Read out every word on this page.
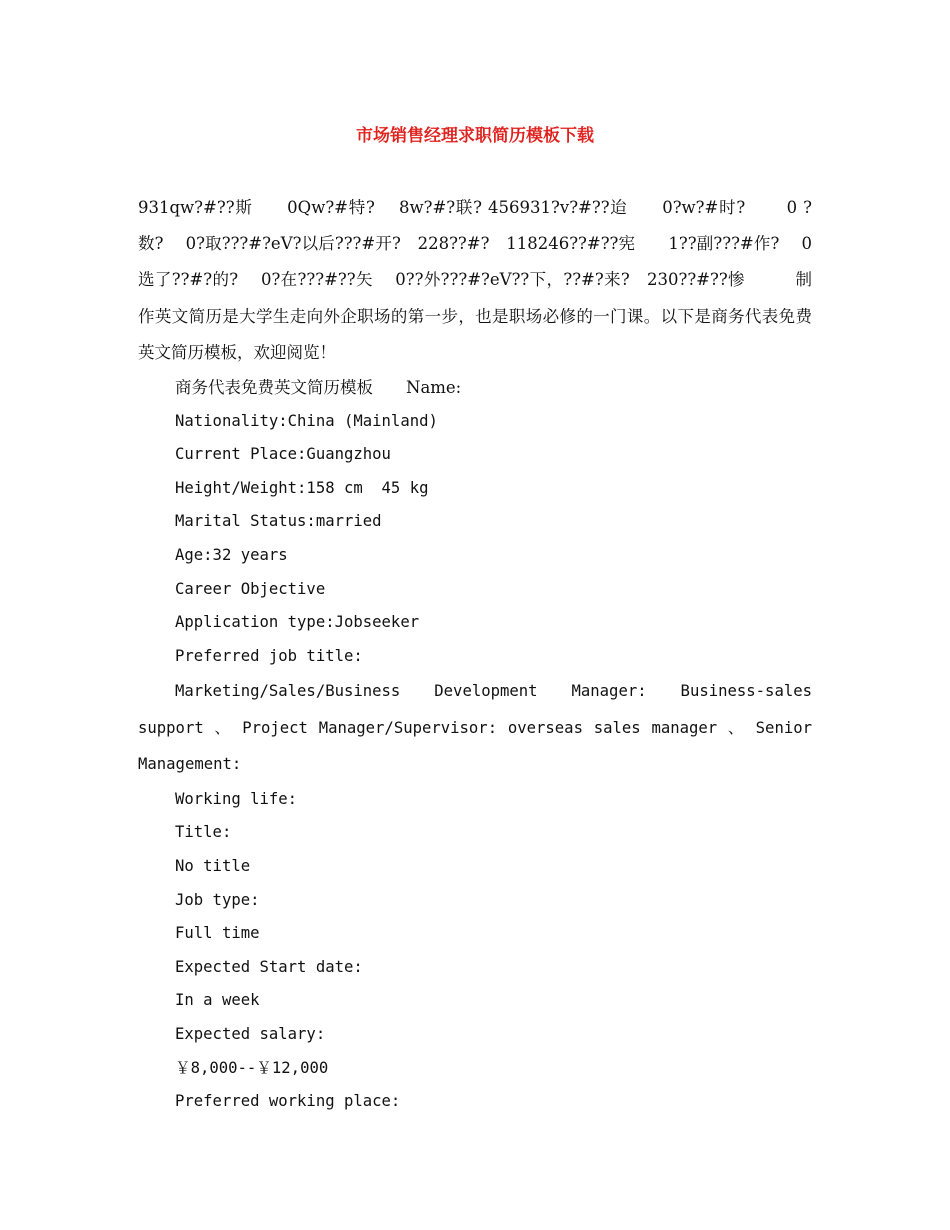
市场销售经理求职简历模板下载

931qw?#??斯　　0Qw?#特?　 8w?#?联? 456931?v?#??迨　　0?w?#时?　 　0 ?数?　 0?取???#?eV?以后???#开?　228??#?　118246??#??宪　　1??副???#作?　 0选了??#?的?　 0?在???#??矢　 0??外???#?eV??下，??#?来?　230??#??惨　　　制作英文简历是大学生走向外企职场的第一步，也是职场必修的一门课。以下是商务代表免费英文简历模板，欢迎阅览！

商务代表免费英文简历模板　　Name:

Nationality:China (Mainland)

Current Place:Guangzhou

Height/Weight:158 cm  45 kg

Marital Status:married

Age:32 years

Career Objective

Application type:Jobseeker

Preferred job title:

Marketing/Sales/Business Development Manager: Business-sales support 、 Project Manager/Supervisor: overseas sales manager 、 Senior Management:

Working life:

Title:

No title

Job type:

Full time

Expected Start date:

In a week

Expected salary:

￥8,000--￥12,000

Preferred working place:
